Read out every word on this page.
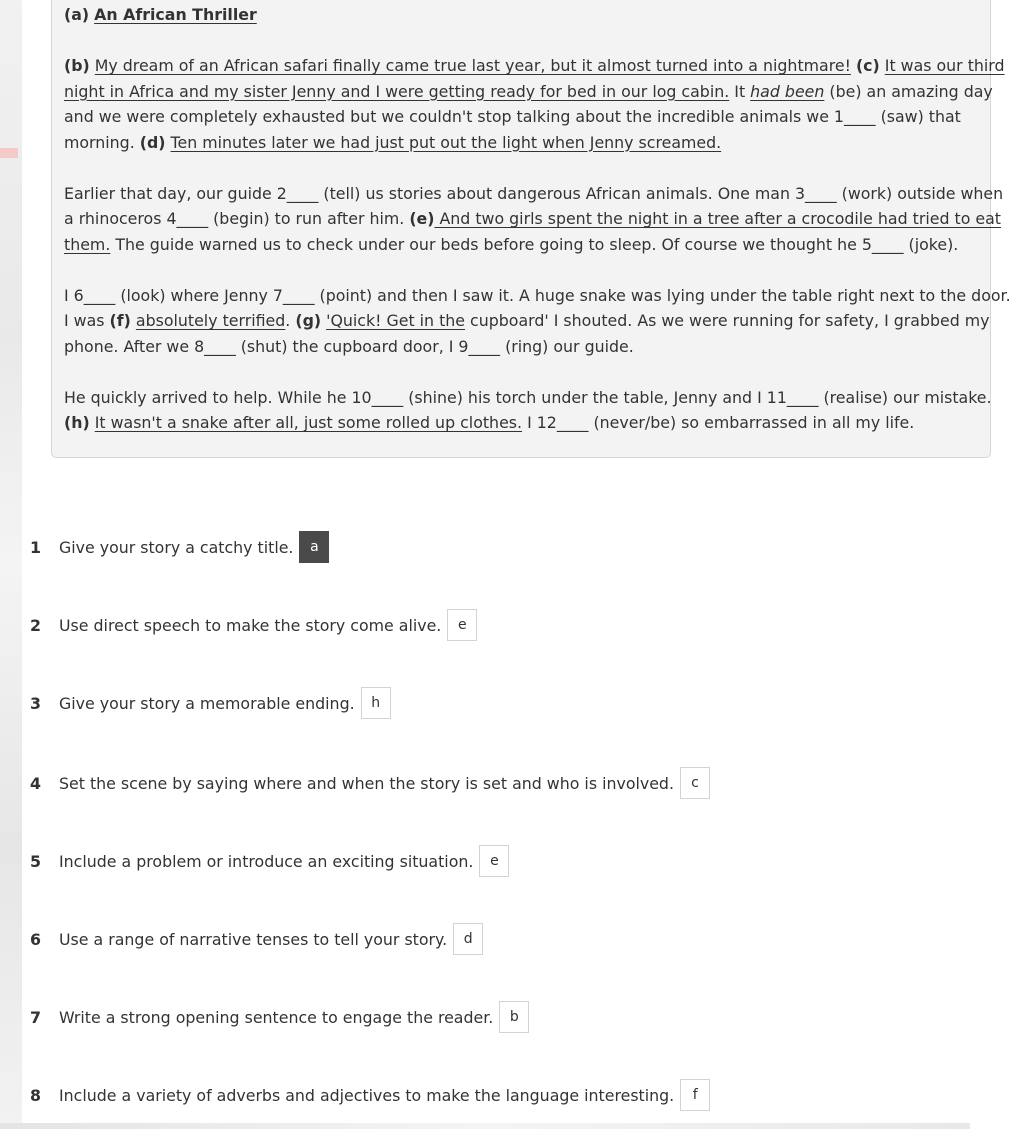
(a) An African Thriller
(b) My dream of an African safari finally came true last year, but it almost turned into a nightmare! (c) It was our third
night in Africa and my sister Jenny and I were getting ready for bed in our log cabin. It had been (be) an amazing day
and we were completely exhausted but we couldn't stop talking about the incredible animals we 1____ (saw) that
morning. (d) Ten minutes later we had just put out the light when Jenny screamed.
Earlier that day, our guide 2____ (tell) us stories about dangerous African animals. One man 3____ (work) outside when
a rhinoceros 4____ (begin) to run after him. (e) And two girls spent the night in a tree after a crocodile had tried to eat
them. The guide warned us to check under our beds before going to sleep. Of course we thought he 5____ (joke).
I 6____ (look) where Jenny 7____ (point) and then I saw it. A huge snake was lying under the table right next to the door.
I was (f) absolutely terrified. (g) 'Quick! Get in the cupboard' I shouted. As we were running for safety, I grabbed my
phone. After we 8____ (shut) the cupboard door, I 9____ (ring) our guide.
He quickly arrived to help. While he 10____ (shine) his torch under the table, Jenny and I 11____ (realise) our mistake.
(h) It wasn't a snake after all, just some rolled up clothes. I 12____ (never/be) so embarrassed in all my life.
1	Give your story a catchy title.	a
2	Use direct speech to make the story come alive.	e
3	Give your story a memorable ending.	h
4	Set the scene by saying where and when the story is set and who is involved.	c
5	Include a problem or introduce an exciting situation.	e
6	Use a range of narrative tenses to tell your story.	d
7	Write a strong opening sentence to engage the reader.	b
8	Include a variety of adverbs and adjectives to make the language interesting.	f
